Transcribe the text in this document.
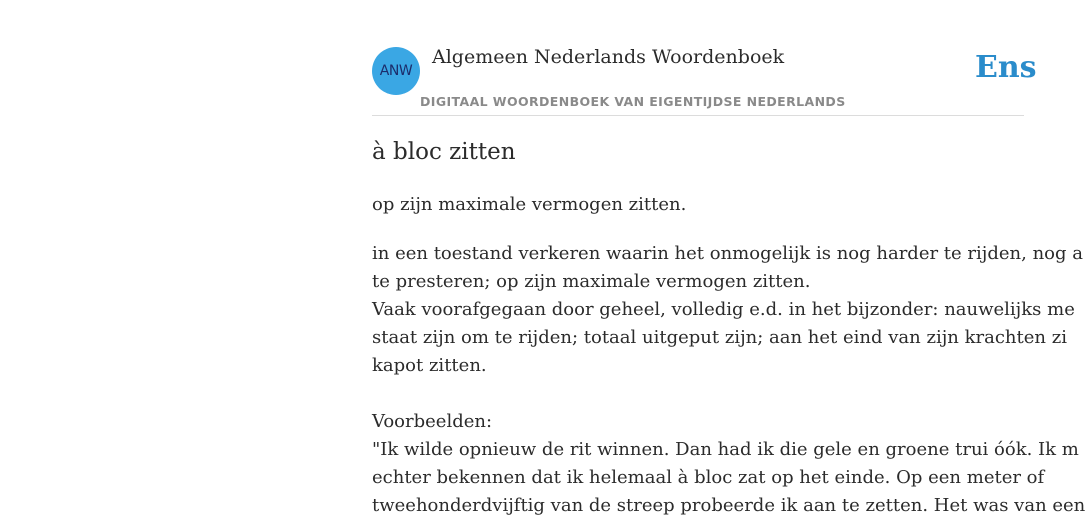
ANW
Algemeen Nederlands Woordenboek
DIGITAAL WOORDENBOEK VAN EIGENTIJDSE NEDERLANDS
Ens
à bloc zitten
op zijn maximale vermogen zitten.
in een toestand verkeren waarin het onmogelijk is nog harder te rijden, nog a
te presteren; op zijn maximale vermogen zitten.
Vaak voorafgegaan door geheel, volledig e.d. in het bijzonder: nauwelijks me
staat zijn om te rijden; totaal uitgeput zijn; aan het eind van zijn krachten zi
kapot zitten.
Voorbeelden:
"Ik wilde opnieuw de rit winnen. Dan had ik die gele en groene trui óók. Ik m
echter bekennen dat ik helemaal à bloc zat op het einde. Op een meter of
tweehonderdvijftig van de streep probeerde ik aan te zetten. Het was van een
